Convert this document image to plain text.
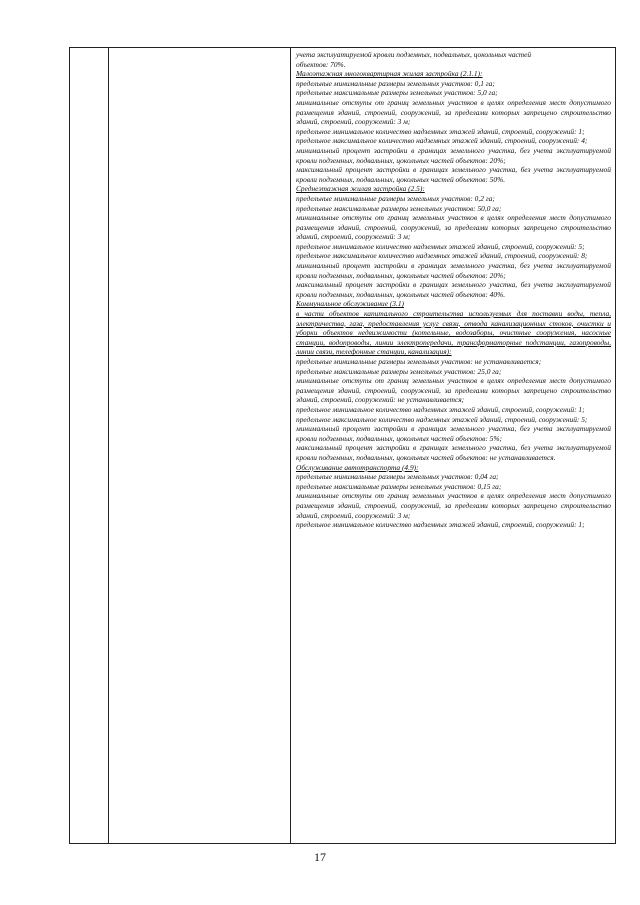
учета эксплуатируемой кровли подземных, подвальных, цокольных частей

объектов: 70%.

Малоэтажная многоквартирная жилая застройка (2.1.1):

предельные минимальные размеры земельных участков: 0,1 га;

предельные максимальные размеры земельных участков: 5,0 га;

минимальные отступы от границ земельных участков в целях определения мест допустимого размещения зданий, строений, сооружений, за пределами которых запрещено строительство зданий, строений, сооружений: 3 м;

предельное минимальное количество надземных этажей зданий, строений, сооружений: 1;

предельное максимальное количество надземных этажей зданий, строений, сооружений: 4;

минимальный процент застройки в границах земельного участка, без учета эксплуатируемой кровли подземных, подвальных, цокольных частей объектов: 20%;

максимальный процент застройки в границах земельного участка, без учета эксплуатируемой кровли подземных, подвальных, цокольных частей объектов: 50%.

Среднеэтажная жилая застройка (2.5):

предельные минимальные размеры земельных участков: 0,2 га;

предельные максимальные размеры земельных участков: 50,0 га;

минимальные отступы от границ земельных участков в целях определения мест допустимого размещения зданий, строений, сооружений, за пределами которых запрещено строительство зданий, строений, сооружений: 3 м;

предельное минимальное количество надземных этажей зданий, строений, сооружений: 5;

предельное максимальное количество надземных этажей зданий, строений, сооружений: 8;

минимальный процент застройки в границах земельного участка, без учета эксплуатируемой кровли подземных, подвальных, цокольных частей объектов: 20%;

максимальный процент застройки в границах земельного участка, без учета эксплуатируемой кровли подземных, подвальных, цокольных частей объектов: 40%.

Коммунальное обслуживание (3.1)

в части объектов капитального строительства используемых для поставки воды, тепла, электричества, газа, предоставления услуг связи, отвода канализационных стоков, очистки и уборки объектов недвижимости (котельные, водозаборы, очистные сооружения, насосные станции, водопроводы, линии электропередачи, трансформаторные подстанции, газопроводы, линии связи, телефонные станции, канализация):

предельные минимальные размеры земельных участков: не устанавливается;

предельные максимальные размеры земельных участков: 25,0 га;

минимальные отступы от границ земельных участков в целях определения мест допустимого размещения зданий, строений, сооружений, за пределами которых запрещено строительство зданий, строений, сооружений: не устанавливается;

предельное минимальное количество надземных этажей зданий, строений, сооружений: 1;

предельное максимальное количество надземных этажей зданий, строений, сооружений: 5;

минимальный процент застройки в границах земельного участка, без учета эксплуатируемой кровли подземных, подвальных, цокольных частей объектов: 5%;

максимальный процент застройки в границах земельного участка, без учета эксплуатируемой кровли подземных, подвальных, цокольных частей объектов: не устанавливается.

Обслуживание автотранспорта (4.9):

предельные минимальные размеры земельных участков: 0,04 га;

предельные максимальные размеры земельных участков: 0,15 га;

минимальные отступы от границ земельных участков в целях определения мест допустимого размещения зданий, строений, сооружений, за пределами которых запрещено строительство зданий, строений, сооружений: 3 м;

предельное минимальное количество надземных этажей зданий, строений, сооружений: 1;

17
